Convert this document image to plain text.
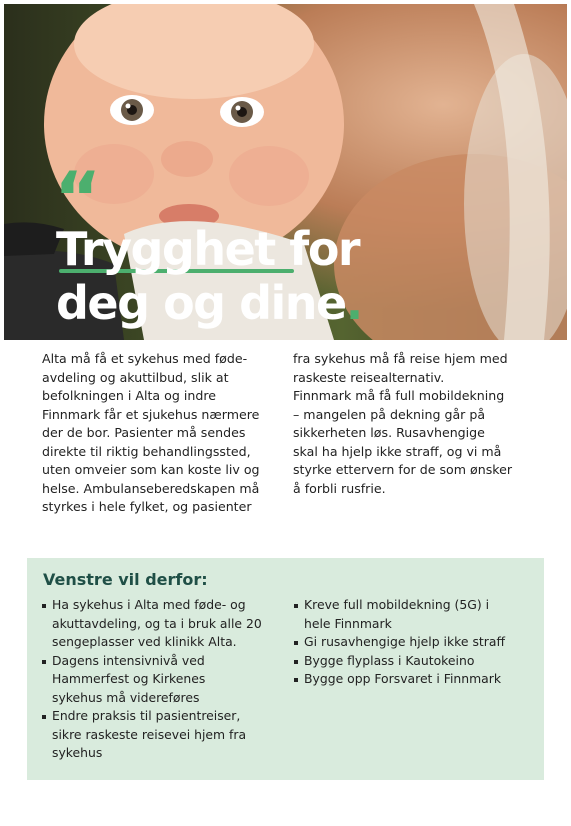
“
Trygghet for
deg og dine.
Alta må få et sykehus med føde-
avdeling og akuttilbud, slik at
befolkningen i Alta og indre
Finnmark får et sjukehus nærmere
der de bor. Pasienter må sendes
direkte til riktig behandlingssted,
uten omveier som kan koste liv og
helse. Ambulanseberedskapen må
styrkes i hele fylket, og pasienter
fra sykehus må få reise hjem med
raskeste reisealternativ.
Finnmark må få full mobildekning
– mangelen på dekning går på
sikkerheten løs. Rusavhengige
skal ha hjelp ikke straff, og vi må
styrke ettervern for de som ønsker
å forbli rusfrie.
Venstre vil derfor:
Ha sykehus i Alta med føde- og
akuttavdeling, og ta i bruk alle 20
sengeplasser ved klinikk Alta.
Dagens intensivnivå ved
Hammerfest og Kirkenes
sykehus må videreføres
Endre praksis til pasientreiser,
sikre raskeste reisevei hjem fra
sykehus
Kreve full mobildekning (5G) i
hele Finnmark
Gi rusavhengige hjelp ikke straff
Bygge flyplass i Kautokeino
Bygge opp Forsvaret i Finnmark
